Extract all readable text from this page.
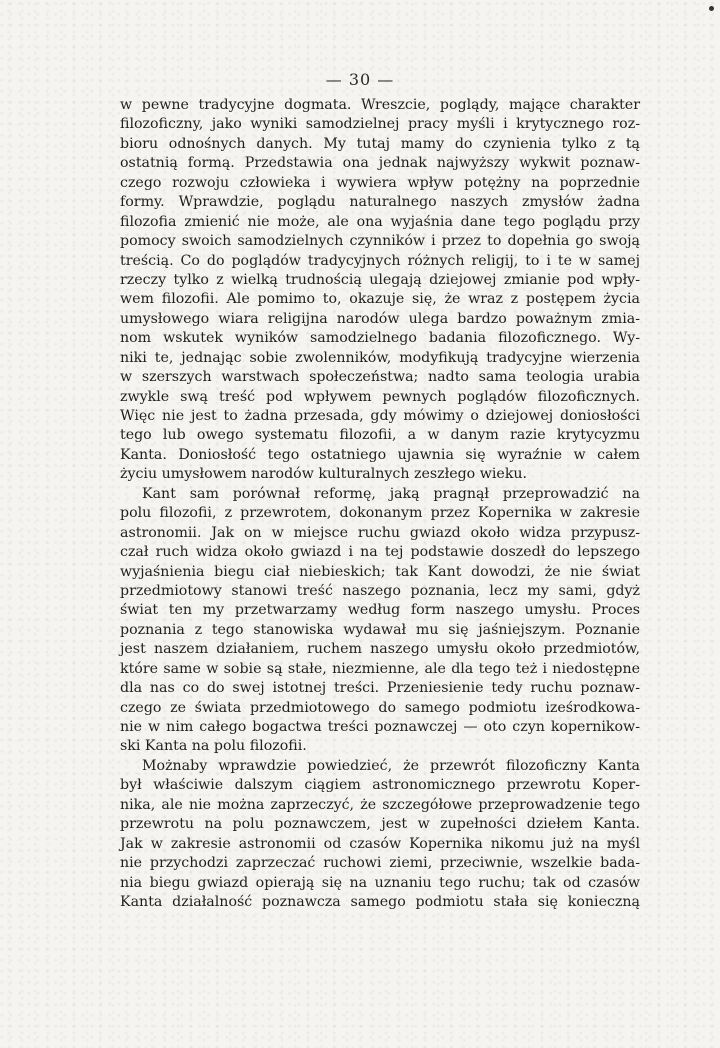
— 30 —
w pewne tradycyjne dogmata. Wreszcie, poglądy, mające charakter
filozoficzny, jako wyniki samodzielnej pracy myśli i krytycznego roz-
bioru odnośnych danych. My tutaj mamy do czynienia tylko z tą
ostatnią formą. Przedstawia ona jednak najwyższy wykwit poznaw-
czego rozwoju człowieka i wywiera wpływ potężny na poprzednie
formy. Wprawdzie, poglądu naturalnego naszych zmysłów żadna
filozofia zmienić nie może, ale ona wyjaśnia dane tego poglądu przy
pomocy swoich samodzielnych czynników i przez to dopełnia go swoją
treścią. Co do poglądów tradycyjnych różnych religij, to i te w samej
rzeczy tylko z wielką trudnością ulegają dziejowej zmianie pod wpły-
wem filozofii. Ale pomimo to, okazuje się, że wraz z postępem życia
umysłowego wiara religijna narodów ulega bardzo poważnym zmia-
nom wskutek wyników samodzielnego badania filozoficznego. Wy-
niki te, jednając sobie zwolenników, modyfikują tradycyjne wierzenia
w szerszych warstwach społeczeństwa; nadto sama teologia urabia
zwykle swą treść pod wpływem pewnych poglądów filozoficznych.
Więc nie jest to żadna przesada, gdy mówimy o dziejowej doniosłości
tego lub owego systematu filozofii, a w danym razie krytycyzmu
Kanta. Doniosłość tego ostatniego ujawnia się wyraźnie w całem
życiu umysłowem narodów kulturalnych zeszłego wieku.
Kant sam porównał reformę, jaką pragnął przeprowadzić na
polu filozofii, z przewrotem, dokonanym przez Kopernika w zakresie
astronomii. Jak on w miejsce ruchu gwiazd około widza przypusz-
czał ruch widza około gwiazd i na tej podstawie doszedł do lepszego
wyjaśnienia biegu ciał niebieskich; tak Kant dowodzi, że nie świat
przedmiotowy stanowi treść naszego poznania, lecz my sami, gdyż
świat ten my przetwarzamy według form naszego umysłu. Proces
poznania z tego stanowiska wydawał mu się jaśniejszym. Poznanie
jest naszem działaniem, ruchem naszego umysłu około przedmiotów,
które same w sobie są stałe, niezmienne, ale dla tego też i niedostępne
dla nas co do swej istotnej treści. Przeniesienie tedy ruchu poznaw-
czego ze świata przedmiotowego do samego podmiotu iześrodkowa-
nie w nim całego bogactwa treści poznawczej — oto czyn kopernikow-
ski Kanta na polu filozofii.
Możnaby wprawdzie powiedzieć, że przewrót filozoficzny Kanta
był właściwie dalszym ciągiem astronomicznego przewrotu Koper-
nika, ale nie można zaprzeczyć, że szczegółowe przeprowadzenie tego
przewrotu na polu poznawczem, jest w zupełności dziełem Kanta.
Jak w zakresie astronomii od czasów Kopernika nikomu już na myśl
nie przychodzi zaprzeczać ruchowi ziemi, przeciwnie, wszelkie bada-
nia biegu gwiazd opierają się na uznaniu tego ruchu; tak od czasów
Kanta działalność poznawcza samego podmiotu stała się konieczną
